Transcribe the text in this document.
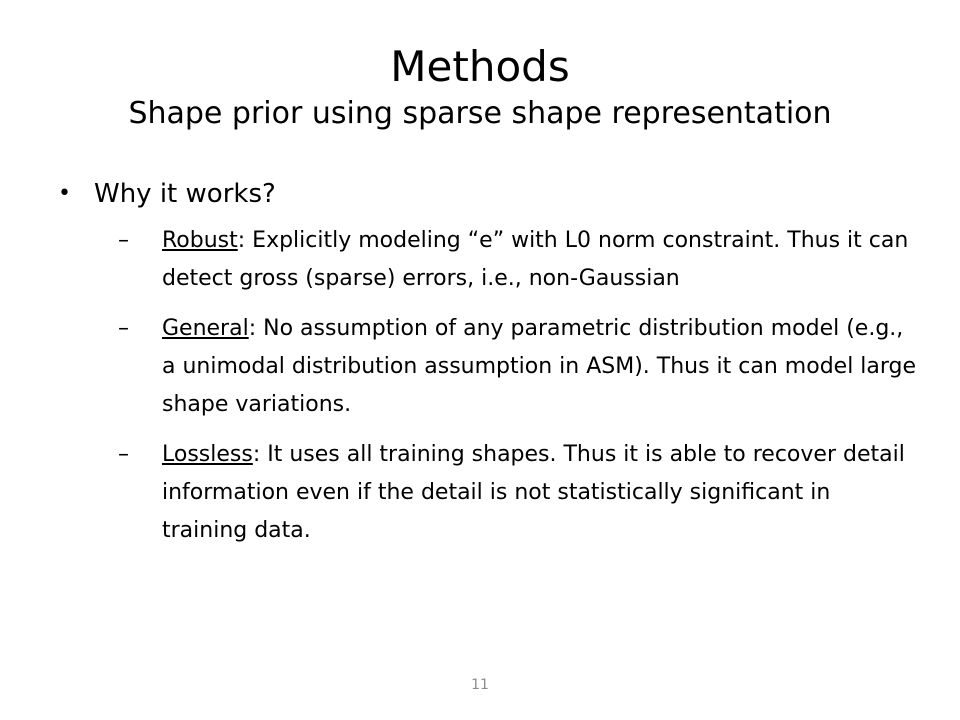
Methods
Shape prior using sparse shape representation
• Why it works?
–	Robust: Explicitly modeling “e” with L0 norm constraint. Thus it can detect gross (sparse) errors, i.e., non-Gaussian
–	General: No assumption of any parametric distribution model (e.g., a unimodal distribution assumption in ASM). Thus it can model large shape variations.
–	Lossless: It uses all training shapes. Thus it is able to recover detail information even if the detail is not statistically significant in training data.
11
